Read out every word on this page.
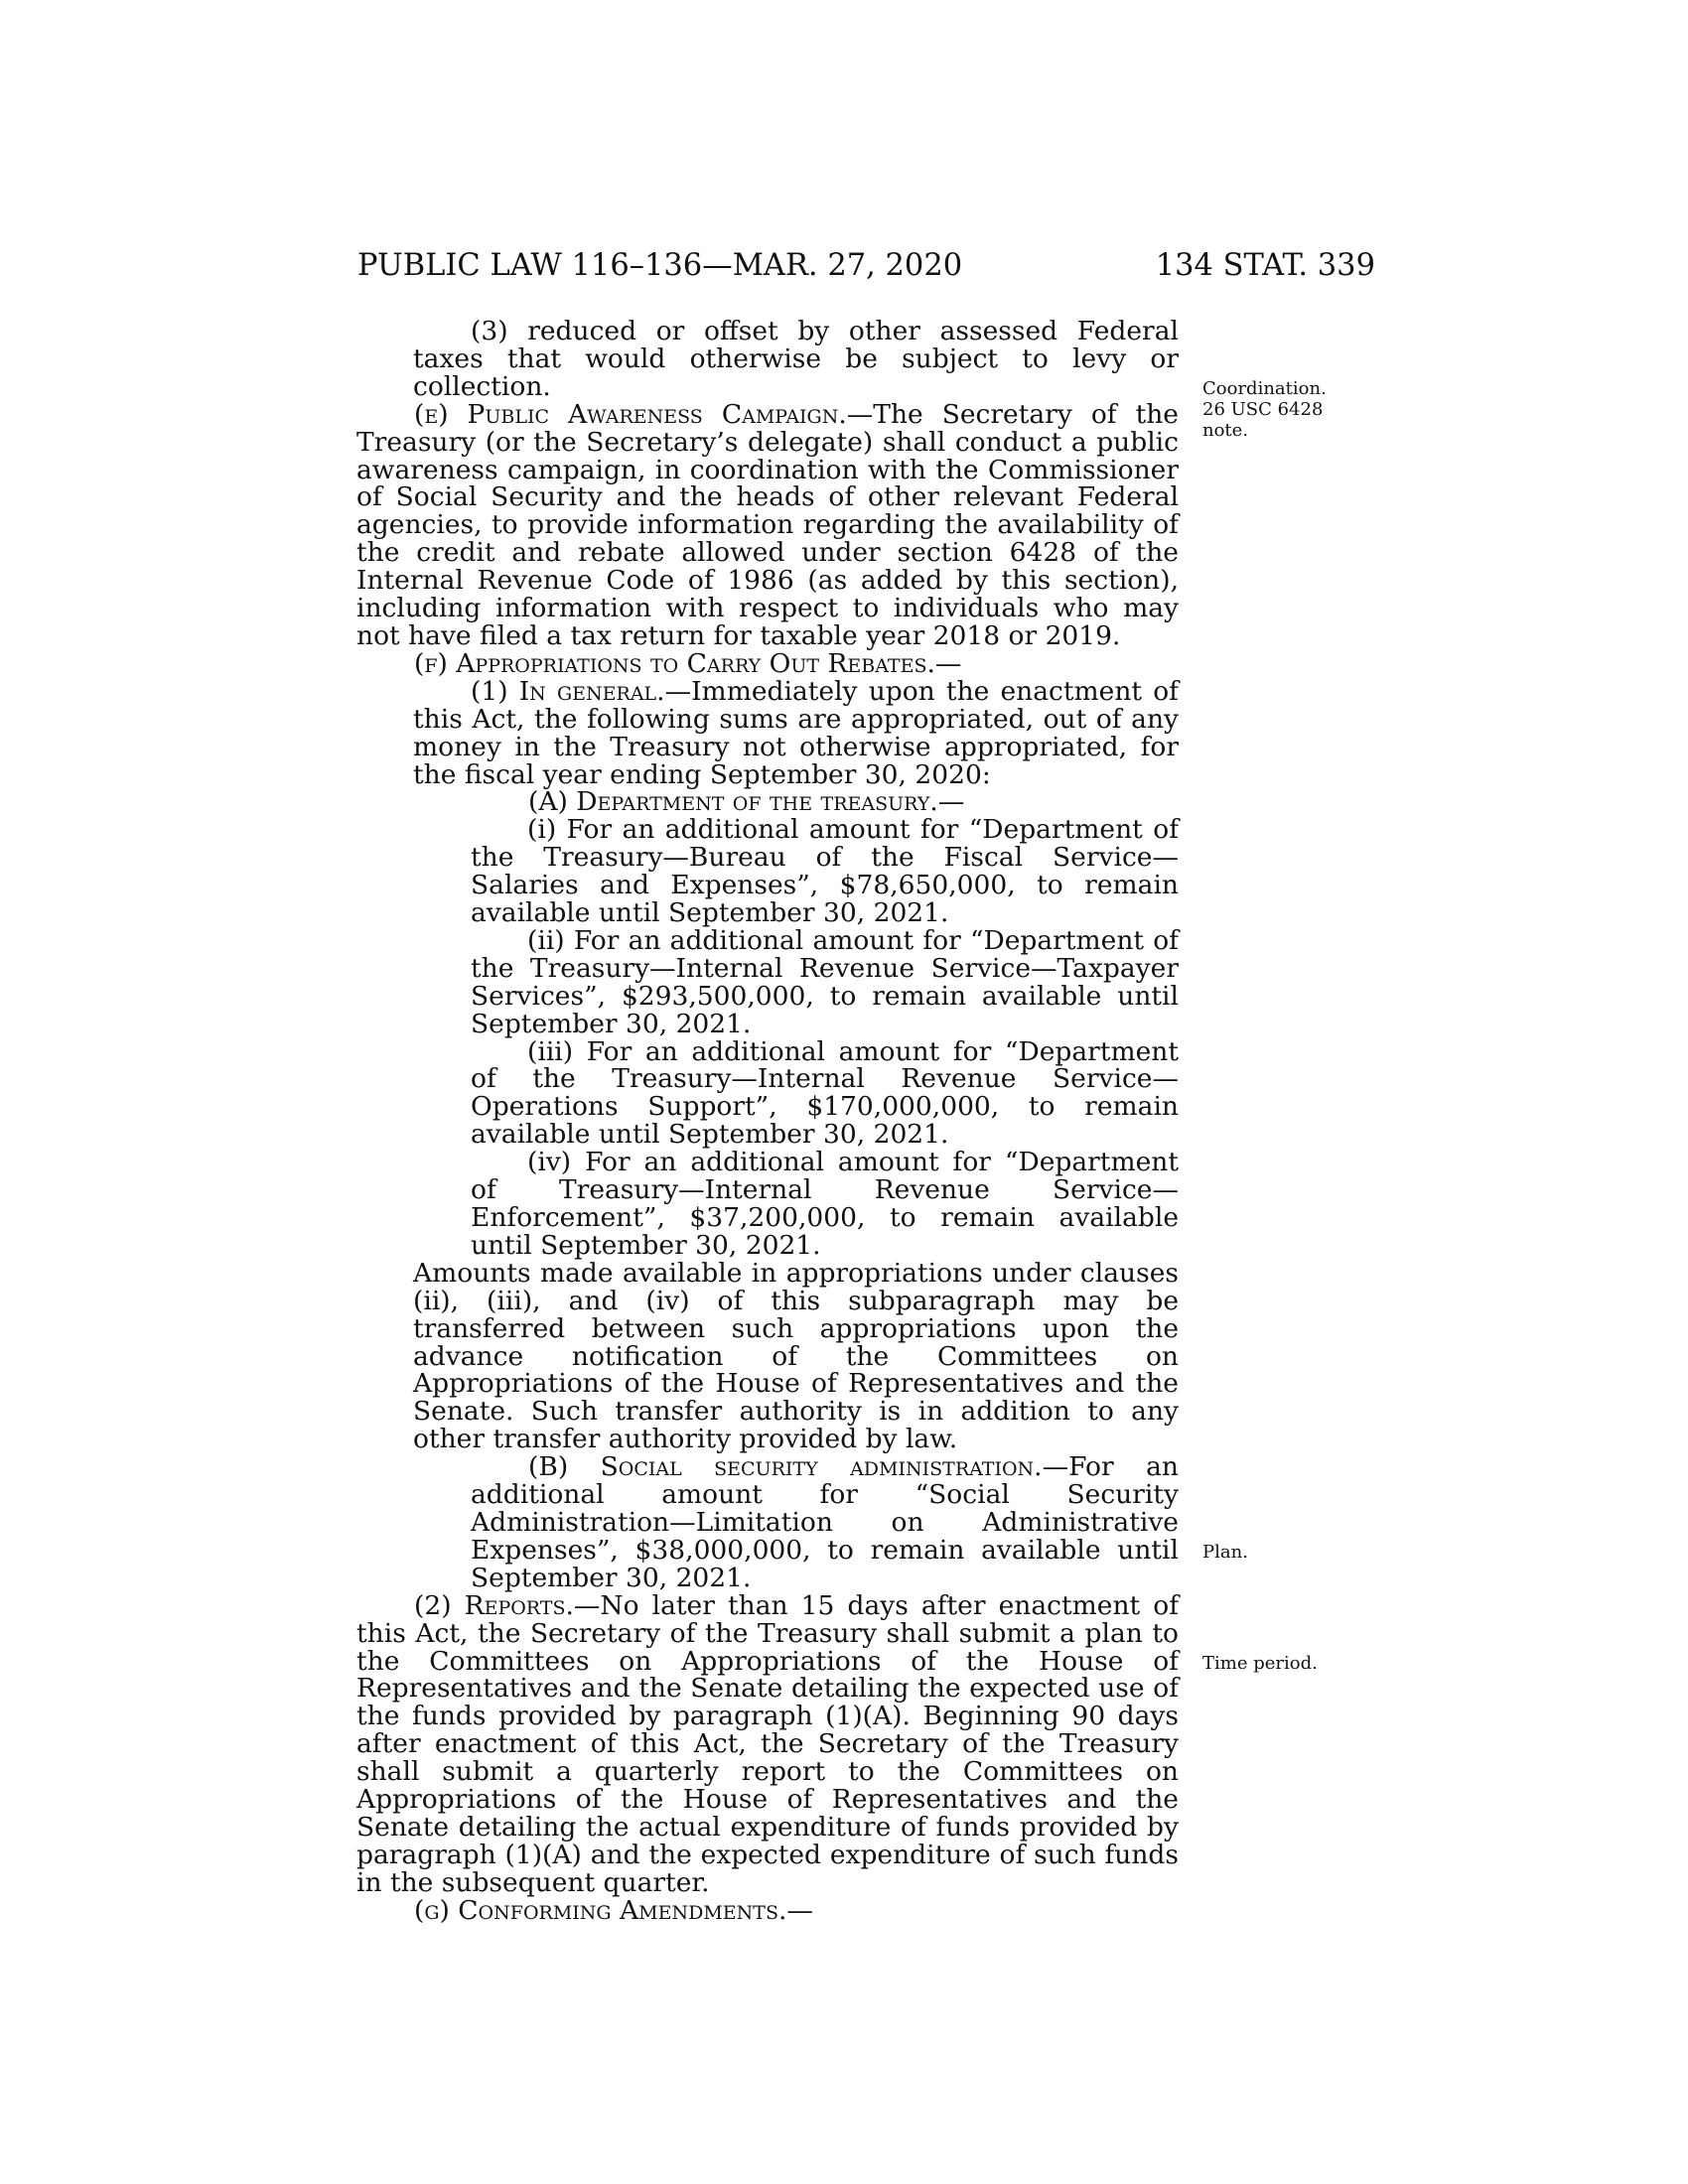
PUBLIC LAW 116–136—MAR. 27, 2020	134 STAT. 339
(3) reduced or offset by other assessed Federal taxes that would otherwise be subject to levy or collection.
(e) Public Awareness Campaign.—The Secretary of the Treasury (or the Secretary’s delegate) shall conduct a public awareness campaign, in coordination with the Commissioner of Social Security and the heads of other relevant Federal agencies, to provide information regarding the availability of the credit and rebate allowed under section 6428 of the Internal Revenue Code of 1986 (as added by this section), including information with respect to individuals who may not have filed a tax return for taxable year 2018 or 2019.
(f) Appropriations to Carry Out Rebates.—
(1) In general.—Immediately upon the enactment of this Act, the following sums are appropriated, out of any money in the Treasury not otherwise appropriated, for the fiscal year ending September 30, 2020:
(A) Department of the treasury.—
(i) For an additional amount for “Department of the Treasury—Bureau of the Fiscal Service—Salaries and Expenses”, $78,650,000, to remain available until September 30, 2021.
(ii) For an additional amount for “Department of the Treasury—Internal Revenue Service—Taxpayer Services”, $293,500,000, to remain available until September 30, 2021.
(iii) For an additional amount for “Department of the Treasury—Internal Revenue Service—Operations Support”, $170,000,000, to remain available until September 30, 2021.
(iv) For an additional amount for “Department of Treasury—Internal Revenue Service—Enforcement”, $37,200,000, to remain available until September 30, 2021.
Amounts made available in appropriations under clauses (ii), (iii), and (iv) of this subparagraph may be transferred between such appropriations upon the advance notification of the Committees on Appropriations of the House of Representatives and the Senate. Such transfer authority is in addition to any other transfer authority provided by law.
(B) Social security administration.—For an additional amount for “Social Security Administration—Limitation on Administrative Expenses”, $38,000,000, to remain available until September 30, 2021.
(2) Reports.—No later than 15 days after enactment of this Act, the Secretary of the Treasury shall submit a plan to the Committees on Appropriations of the House of Representatives and the Senate detailing the expected use of the funds provided by paragraph (1)(A). Beginning 90 days after enactment of this Act, the Secretary of the Treasury shall submit a quarterly report to the Committees on Appropriations of the House of Representatives and the Senate detailing the actual expenditure of funds provided by paragraph (1)(A) and the expected expenditure of such funds in the subsequent quarter.
(g) Conforming Amendments.—
Coordination.
26 USC 6428
note.
Plan.
Time period.
